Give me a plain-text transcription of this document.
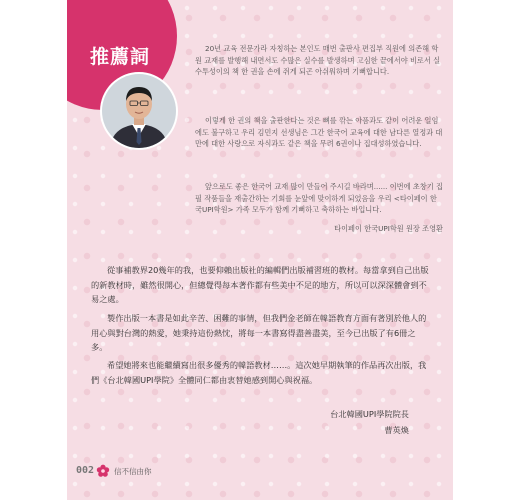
推薦詞	20년 교육 전문가라 자칭하는 본인도 매번 출판사 편집부 직원에 의존해 학원 교재를 발행해 내면서도 수많은 실수를 발생하며 고심한 끝에서야 비로서 실수투성이의 책 한 권을 손에 쥐게 되곤 아쉬워하며 기뻐합니다.

이렇게 한 권의 책을 출판한다는 것은 뼈를 깎는 아픔과도 같이 어려운 일임에도 불구하고 우리 김민지 선생님은 그간 한국어 교육에 대한 남다른 열정과 대만에 대한 사랑으로 자식과도 같은 책을 무려 6권이나 집대성하였습니다.

앞으로도 좋은 한국어 교재 많이 만들어 주시길 바라며...... 이번에 초창기 집필 작품들을 재출간하는 기회를 눈앞에 맞이하게 되었음을 우리 <타이페이 한국UPI학원> 가족 모두가 함께 기뻐하고 축하하는 바입니다.

타이페이 한국UPI학원 원장 조영환

從事補教界20幾年的我，也要仰賴出版社的編輯們出版補習班的教材。每當拿到自己出版的新教材時，雖然很開心，但總覺得每本著作都有些美中不足的地方，所以可以深深體會到不易之處。

製作出版一本書是如此辛苦、困難的事情，但我們金老師在韓語教育方面有著別於他人的用心與對台灣的熱愛，她秉持這份熱忱，將每一本書寫得盡善盡美，至今已出版了有6冊之多。

希望她將來也能繼續寫出很多優秀的韓語教材……。這次她早期執筆的作品再次出版，我們《台北韓國UPI學院》全體同仁都由衷替她感到開心與祝福。

台北韓國UPI學院院長
曹英煥
002	信不信由你
